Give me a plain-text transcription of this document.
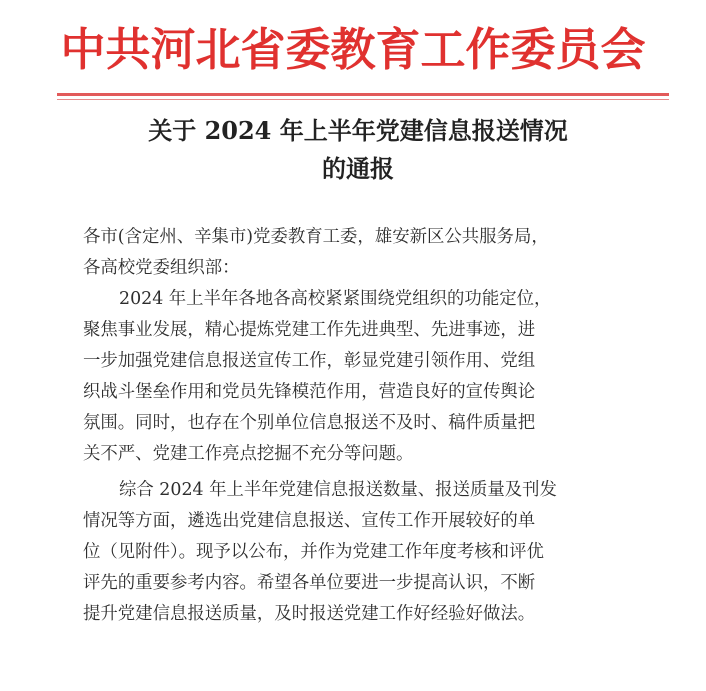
中共河北省委教育工作委员会
关于 2024 年上半年党建信息报送情况
的通报
各市(含定州、辛集市)党委教育工委，雄安新区公共服务局，
各高校党委组织部：
2024 年上半年各地各高校紧紧围绕党组织的功能定位，
聚焦事业发展，精心提炼党建工作先进典型、先进事迹，进
一步加强党建信息报送宣传工作，彰显党建引领作用、党组
织战斗堡垒作用和党员先锋模范作用，营造良好的宣传舆论
氛围。同时，也存在个别单位信息报送不及时、稿件质量把
关不严、党建工作亮点挖掘不充分等问题。
综合 2024 年上半年党建信息报送数量、报送质量及刊发
情况等方面，遴选出党建信息报送、宣传工作开展较好的单
位（见附件）。现予以公布，并作为党建工作年度考核和评优
评先的重要参考内容。希望各单位要进一步提高认识，不断
提升党建信息报送质量，及时报送党建工作好经验好做法。
